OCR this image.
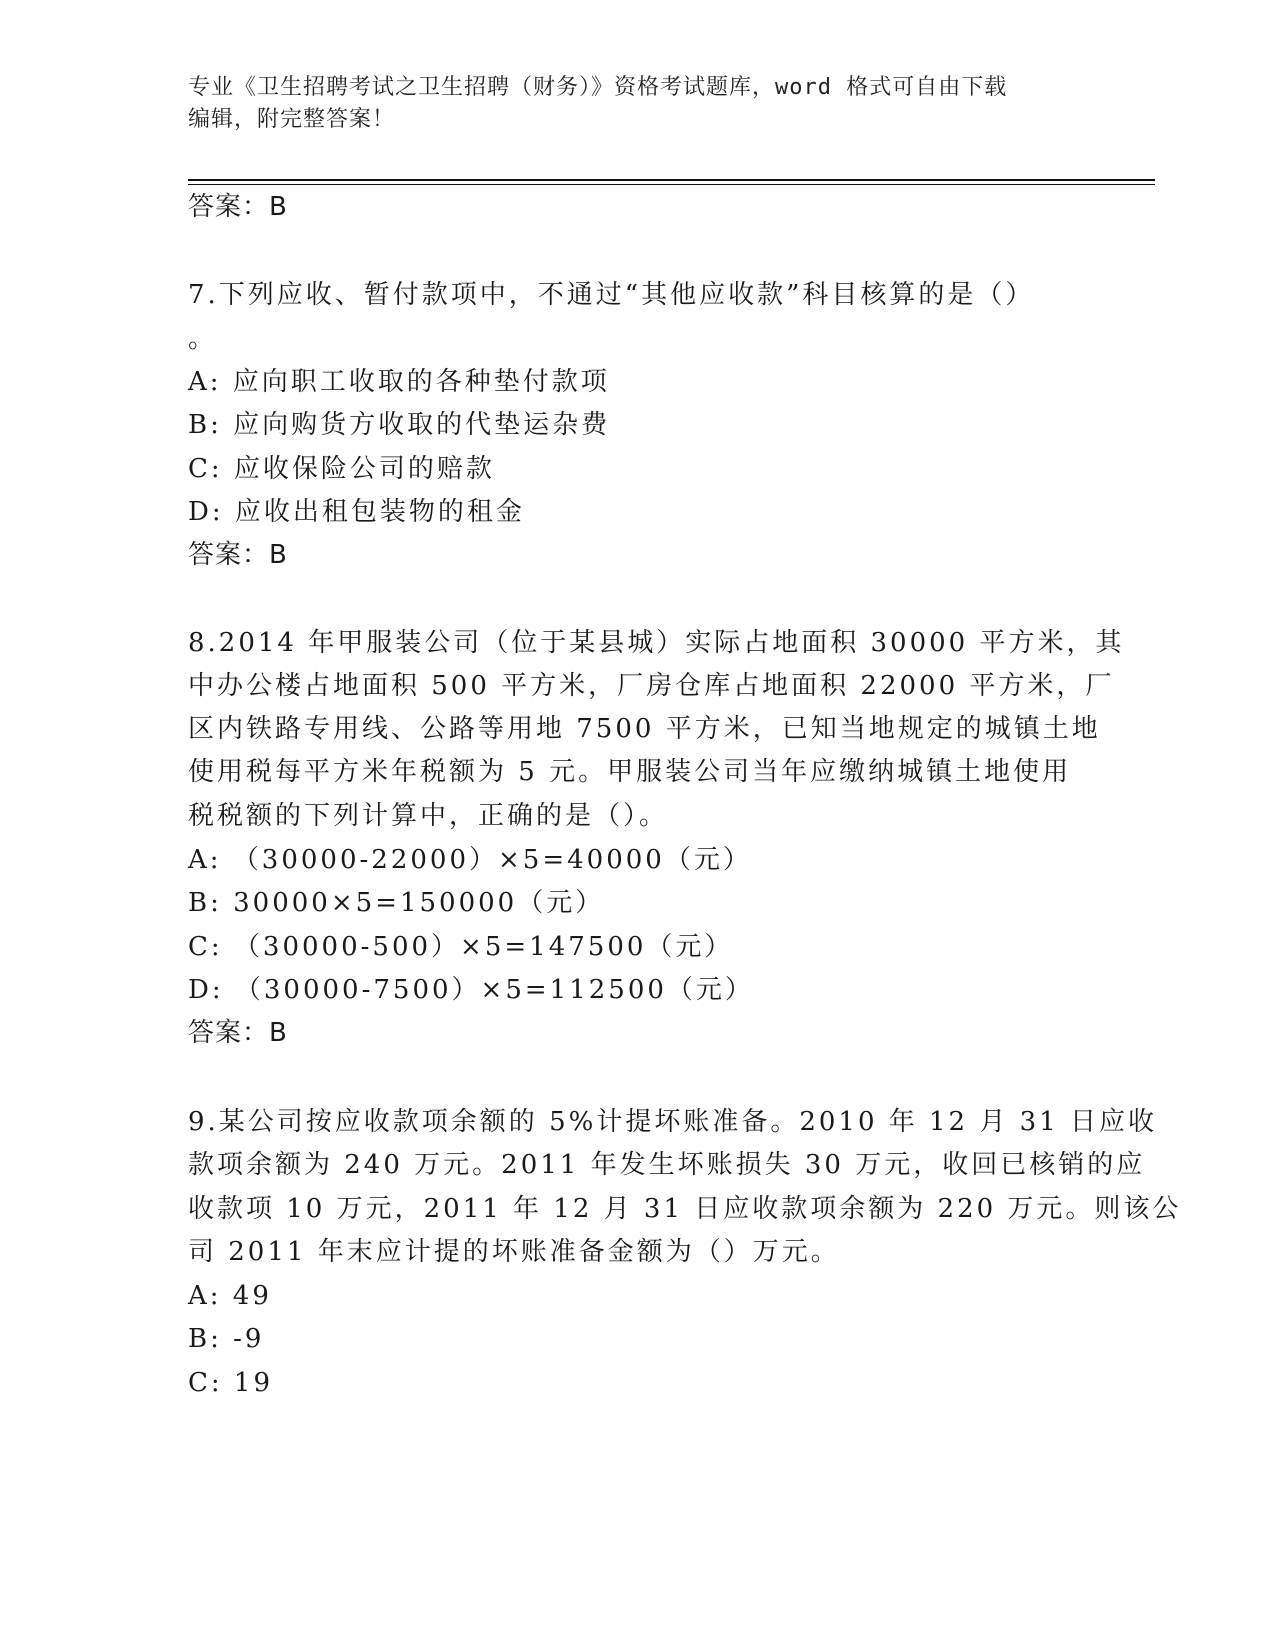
专业《卫生招聘考试之卫生招聘（财务）》资格考试题库，word 格式可自由下载
编辑，附完整答案！
答案：B
7.下列应收、暂付款项中，不通过“其他应收款”科目核算的是（）
。
A: 应向职工收取的各种垫付款项
B: 应向购货方收取的代垫运杂费
C: 应收保险公司的赔款
D: 应收出租包装物的租金
答案：B
8.2014 年甲服装公司（位于某县城）实际占地面积 30000 平方米，其
中办公楼占地面积 500 平方米，厂房仓库占地面积 22000 平方米，厂
区内铁路专用线、公路等用地 7500 平方米，已知当地规定的城镇土地
使用税每平方米年税额为 5 元。甲服装公司当年应缴纳城镇土地使用
税税额的下列计算中，正确的是（）。
A: （30000-22000）×5=40000（元）
B: 30000×5=150000（元）
C: （30000-500）×5=147500（元）
D: （30000-7500）×5=112500（元）
答案：B
9.某公司按应收款项余额的 5%计提坏账准备。2010 年 12 月 31 日应收
款项余额为 240 万元。2011 年发生坏账损失 30 万元，收回已核销的应
收款项 10 万元，2011 年 12 月 31 日应收款项余额为 220 万元。则该公
司 2011 年末应计提的坏账准备金额为（）万元。
A: 49
B: -9
C: 19
